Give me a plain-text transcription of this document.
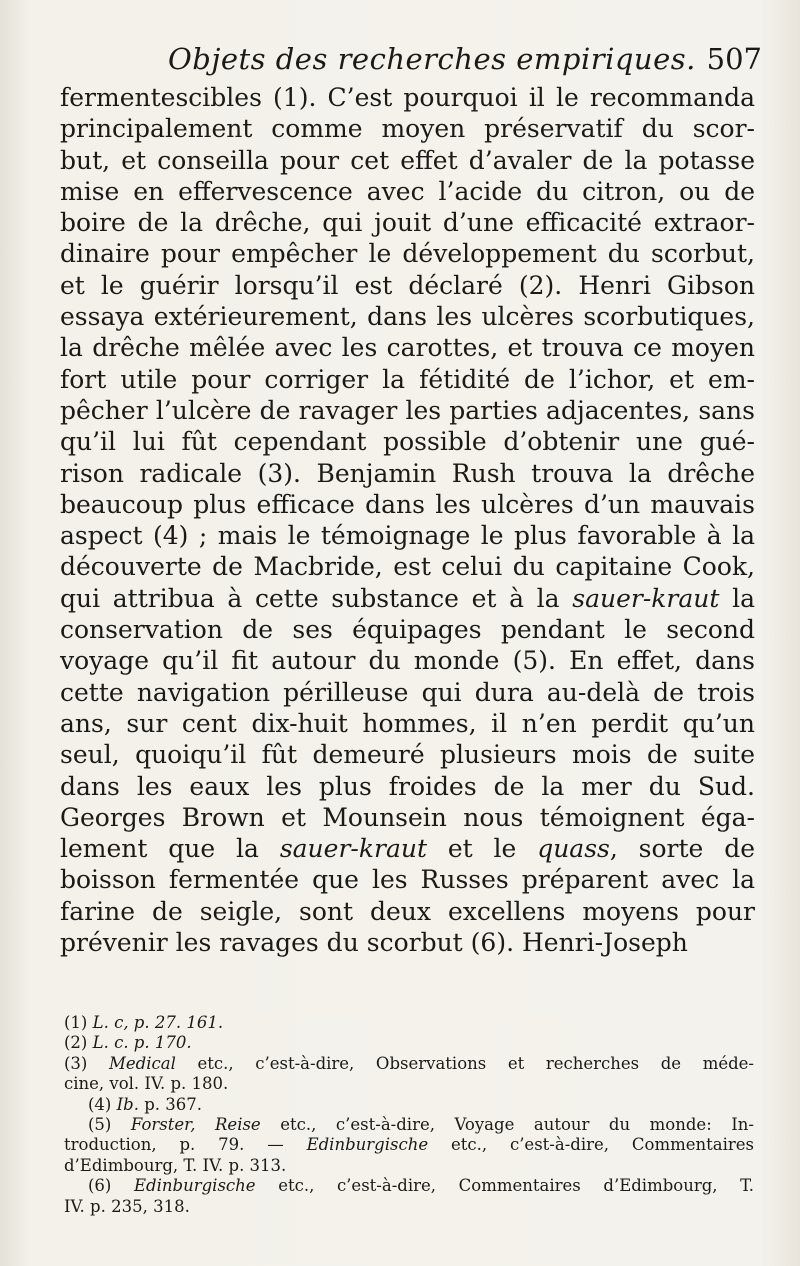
Objets des recherches empiriques. 507
fermentescibles (1). C’est pourquoi il le recommanda
principalement comme moyen préservatif du scor-
but, et conseilla pour cet effet d’avaler de la potasse
mise en effervescence avec l’acide du citron, ou de
boire de la drêche, qui jouit d’une efficacité extraor-
dinaire pour empêcher le développement du scorbut,
et le guérir lorsqu’il est déclaré (2). Henri Gibson
essaya extérieurement, dans les ulcères scorbutiques,
la drêche mêlée avec les carottes, et trouva ce moyen
fort utile pour corriger la fétidité de l’ichor, et em-
pêcher l’ulcère de ravager les parties adjacentes, sans
qu’il lui fût cependant possible d’obtenir une gué-
rison radicale (3). Benjamin Rush trouva la drêche
beaucoup plus efficace dans les ulcères d’un mauvais
aspect (4) ; mais le témoignage le plus favorable à la
découverte de Macbride, est celui du capitaine Cook,
qui attribua à cette substance et à la sauer-kraut la
conservation de ses équipages pendant le second
voyage qu’il fit autour du monde (5). En effet, dans
cette navigation périlleuse qui dura au-delà de trois
ans, sur cent dix-huit hommes, il n’en perdit qu’un
seul, quoiqu’il fût demeuré plusieurs mois de suite
dans les eaux les plus froides de la mer du Sud.
Georges Brown et Mounsein nous témoignent éga-
lement que la sauer-kraut et le quass, sorte de
boisson fermentée que les Russes préparent avec la
farine de seigle, sont deux excellens moyens pour
prévenir les ravages du scorbut (6). Henri-Joseph
(1) L. c, p. 27. 161.
(2) L. c. p. 170.
(3) Medical etc., c’est-à-dire, Observations et recherches de méde-
cine, vol. IV. p. 180.
(4) Ib. p. 367.
(5) Forster, Reise etc., c’est-à-dire, Voyage autour du monde: In-
troduction, p. 79. — Edinburgische etc., c’est-à-dire, Commentaires
d’Edimbourg, T. IV. p. 313.
(6) Edinburgische etc., c’est-à-dire, Commentaires d’Edimbourg, T.
IV. p. 235, 318.
